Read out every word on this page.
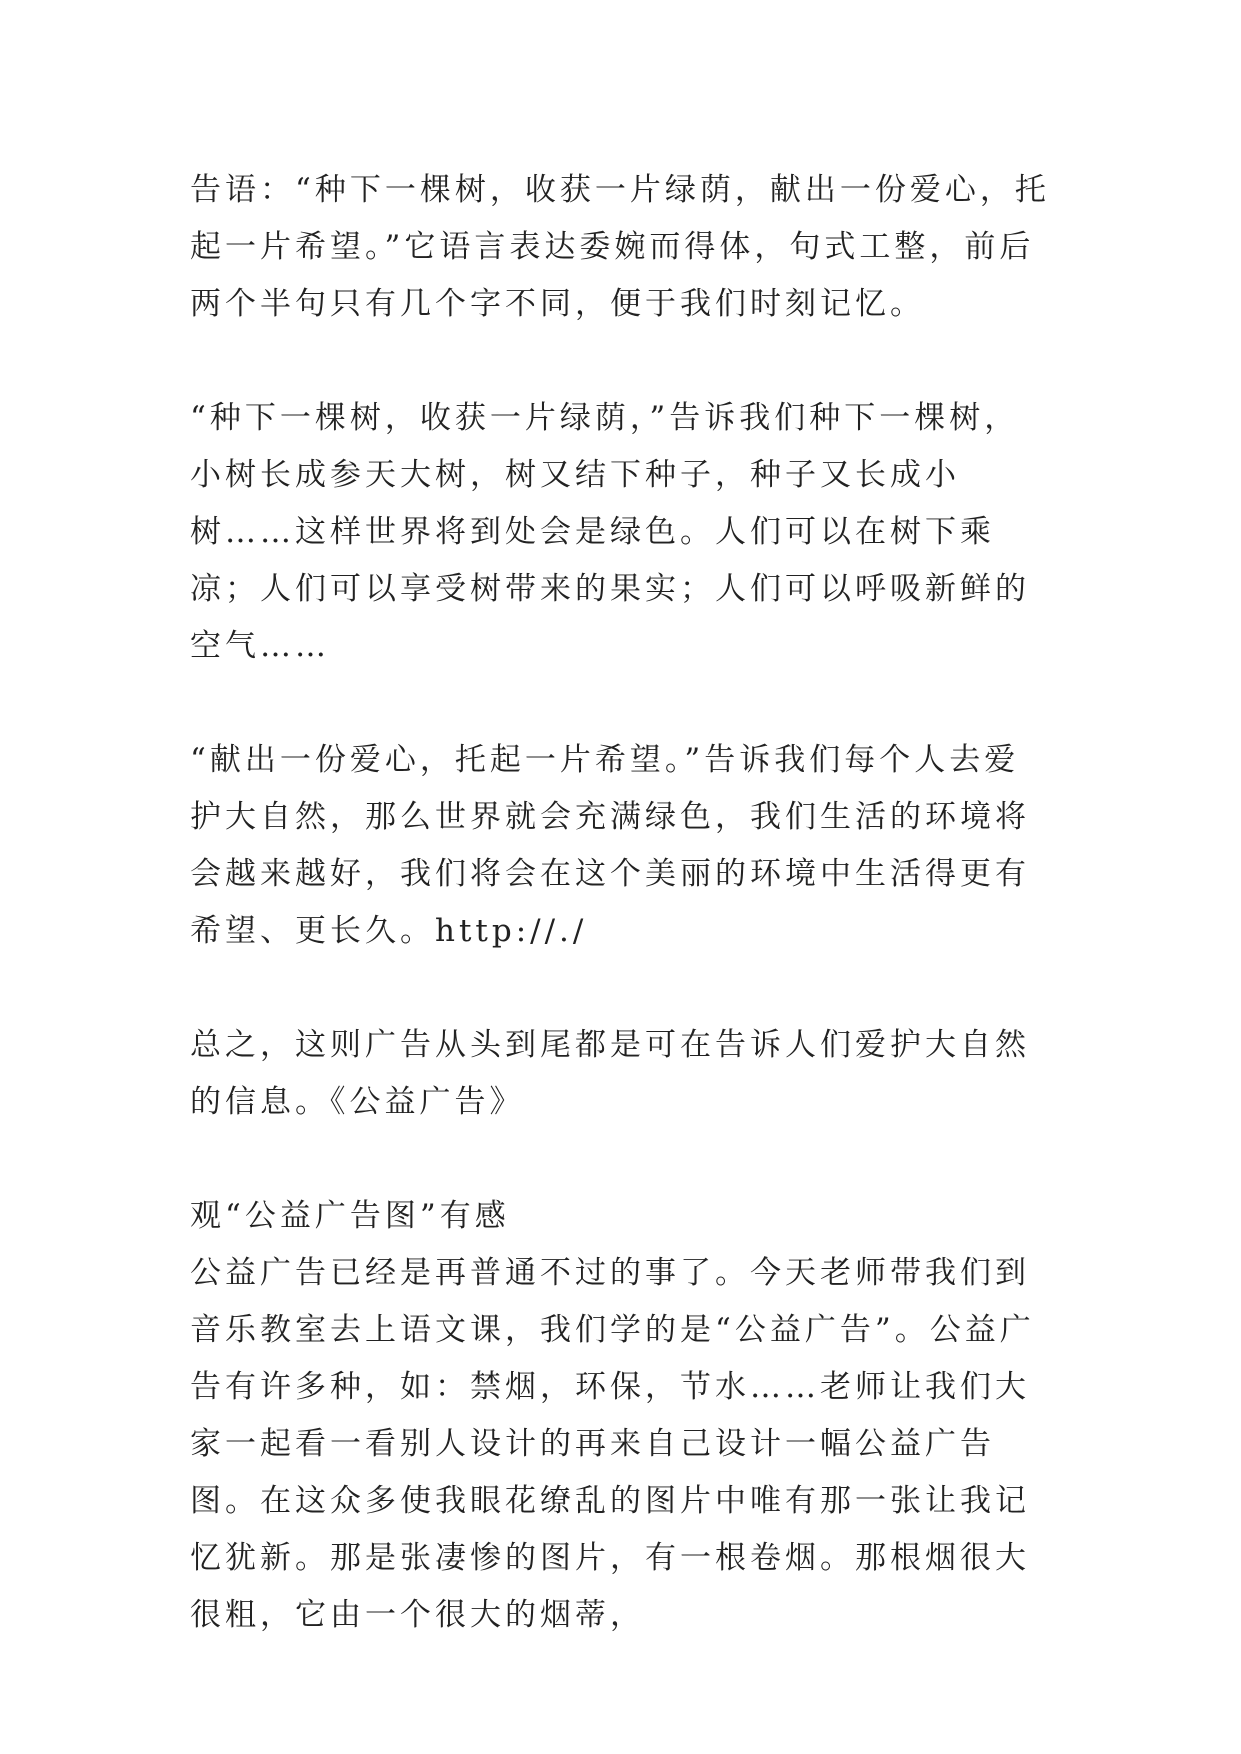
告语：“种下一棵树，收获一片绿荫，献出一份爱心，托起一片希望。”它语言表达委婉而得体，句式工整，前后两个半句只有几个字不同，便于我们时刻记忆。

“种下一棵树，收获一片绿荫，”告诉我们种下一棵树，小树长成参天大树，树又结下种子，种子又长成小树……这样世界将到处会是绿色。人们可以在树下乘凉；人们可以享受树带来的果实；人们可以呼吸新鲜的空气……

“献出一份爱心，托起一片希望。”告诉我们每个人去爱护大自然，那么世界就会充满绿色，我们生活的环境将会越来越好，我们将会在这个美丽的环境中生活得更有希望、更长久。http://./

总之，这则广告从头到尾都是可在告诉人们爱护大自然的信息。《公益广告》

观“公益广告图”有感

公益广告已经是再普通不过的事了。今天老师带我们到音乐教室去上语文课，我们学的是“公益广告”。公益广告有许多种，如：禁烟，环保，节水……老师让我们大家一起看一看别人设计的再来自己设计一幅公益广告图。在这众多使我眼花缭乱的图片中唯有那一张让我记忆犹新。那是张凄惨的图片，有一根卷烟。那根烟很大很粗，它由一个很大的烟蒂，
